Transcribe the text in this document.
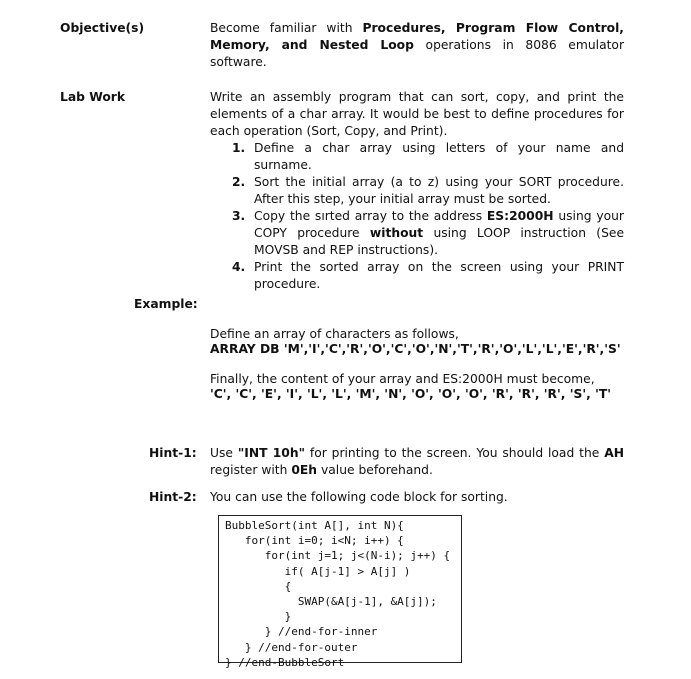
Objective(s)	Become familiar with Procedures, Program Flow Control, Memory, and Nested Loop operations in 8086 emulator software.
Lab Work	Write an assembly program that can sort, copy, and print the elements of a char array. It would be best to define procedures for each operation (Sort, Copy, and Print).
1. Define a char array using letters of your name and surname.
2. Sort the initial array (a to z) using your SORT procedure. After this step, your initial array must be sorted.
3. Copy the sırted array to the address ES:2000H using your COPY procedure without using LOOP instruction (See MOVSB and REP instructions).
4. Print the sorted array on the screen using your PRINT procedure.
Example:
Define an array of characters as follows,
ARRAY DB 'M','I','C','R','O','C','O','N','T','R','O','L','L','E','R','S'
Finally, the content of your array and ES:2000H must become,
'C', 'C', 'E', 'I', 'L', 'L', 'M', 'N', 'O', 'O', 'O', 'R', 'R', 'R', 'S', 'T'
Hint-1: Use "INT 10h" for printing to the screen. You should load the AH register with 0Eh value beforehand.
Hint-2: You can use the following code block for sorting.
BubbleSort(int A[], int N){
for(int i=0; i<N; i++) {
for(int j=1; j<(N-i); j++) {
if( A[j-1] > A[j] )
{
SWAP(&A[j-1], &A[j]);
}
} //end-for-inner
} //end-for-outer
} //end-BubbleSort
